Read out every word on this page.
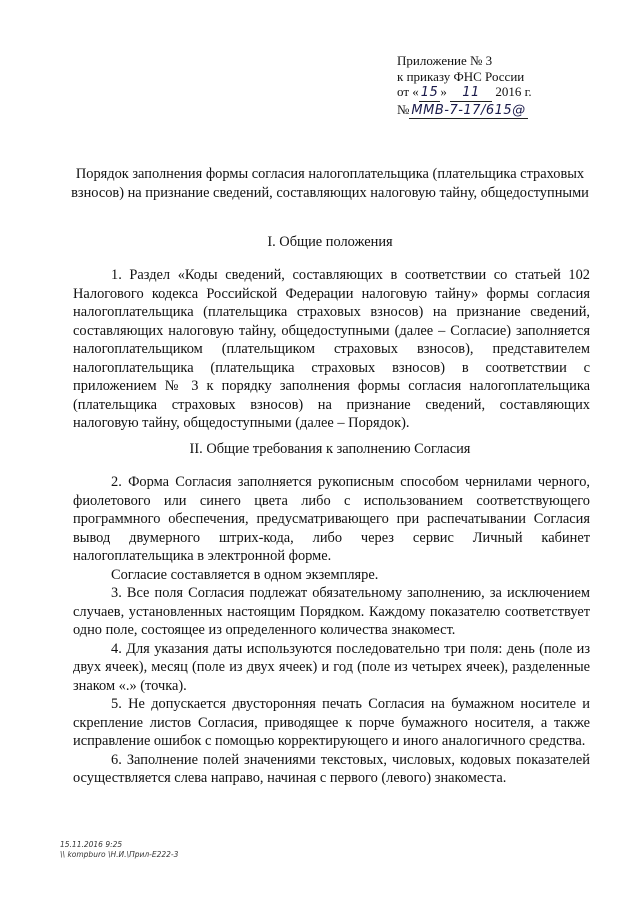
Приложение № 3
к приказу ФНС России
от « 15 » 11 2016 г.
№ ММВ-7-17/615@
Порядок заполнения формы согласия налогоплательщика (плательщика страховых взносов) на признание сведений, составляющих налоговую тайну, общедоступными
I. Общие положения

1. Раздел «Коды сведений, составляющих в соответствии со статьей 102 Налогового кодекса Российской Федерации налоговую тайну» формы согласия налогоплательщика (плательщика страховых взносов) на признание сведений, составляющих налоговую тайну, общедоступными (далее – Согласие) заполняется налогоплательщиком (плательщиком страховых взносов), представителем налогоплательщика (плательщика страховых взносов) в соответствии с приложением № 3 к порядку заполнения формы согласия налогоплательщика (плательщика страховых взносов) на признание сведений, составляющих налоговую тайну, общедоступными (далее – Порядок).

II. Общие требования к заполнению Согласия

2. Форма Согласия заполняется рукописным способом чернилами черного, фиолетового или синего цвета либо с использованием соответствующего программного обеспечения, предусматривающего при распечатывании Согласия вывод двумерного штрих-кода, либо через сервис Личный кабинет налогоплательщика в электронной форме.

Согласие составляется в одном экземпляре.

3. Все поля Согласия подлежат обязательному заполнению, за исключением случаев, установленных настоящим Порядком. Каждому показателю соответствует одно поле, состоящее из определенного количества знакомест.

4. Для указания даты используются последовательно три поля: день (поле из двух ячеек), месяц (поле из двух ячеек) и год (поле из четырех ячеек), разделенные знаком «.» (точка).

5. Не допускается двусторонняя печать Согласия на бумажном носителе и скрепление листов Согласия, приводящее к порче бумажного носителя, а также исправление ошибок с помощью корректирующего и иного аналогичного средства.

6. Заполнение полей значениями текстовых, числовых, кодовых показателей осуществляется слева направо, начиная с первого (левого) знакоместа.

15.11.2016 9:25
\\ kompburo \Н.И.\Прил-Е222-3
